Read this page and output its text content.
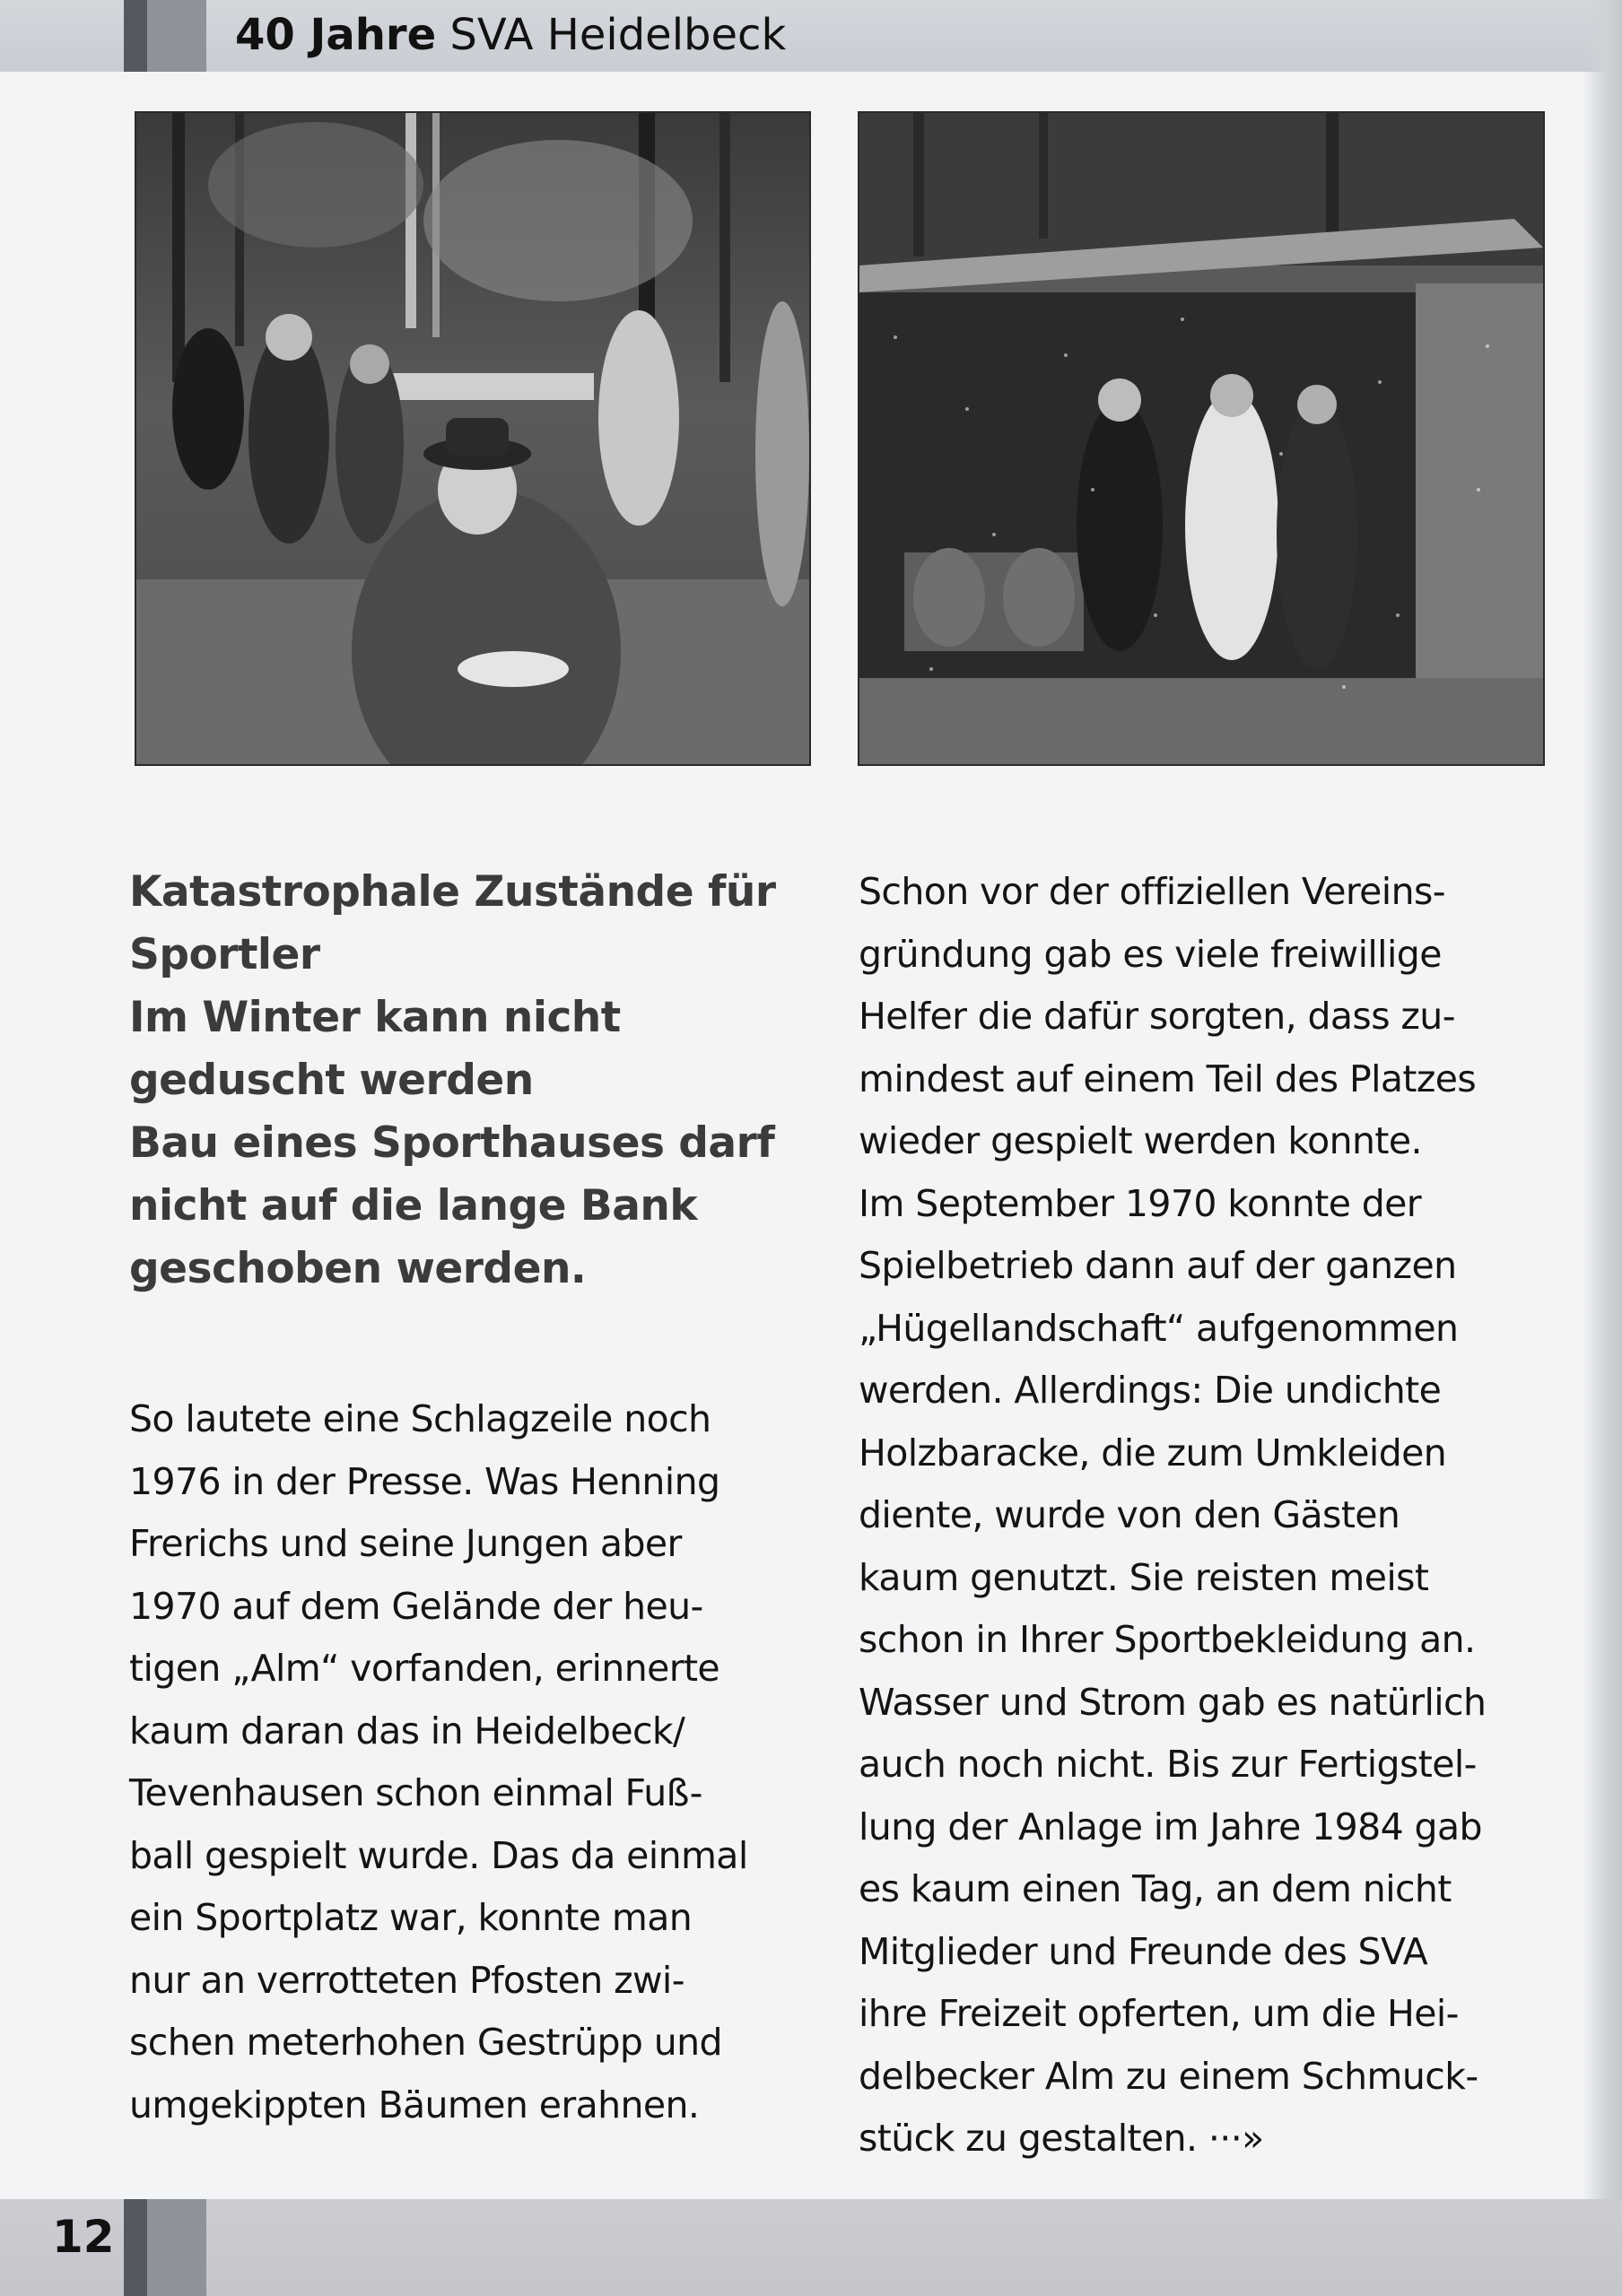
40 Jahre SVA Heidelbeck
Katastrophale Zustände für
Sportler
Im Winter kann nicht
geduscht werden
Bau eines Sporthauses darf
nicht auf die lange Bank
geschoben werden.

So lautete eine Schlagzeile noch
1976 in der Presse. Was Henning
Frerichs und seine Jungen aber
1970 auf dem Gelände der heu-
tigen „Alm“ vorfanden, erinnerte
kaum daran das in Heidelbeck/
Tevenhausen schon einmal Fuß-
ball gespielt wurde. Das da einmal
ein Sportplatz war, konnte man
nur an verrotteten Pfosten zwi-
schen meterhohen Gestrüpp und
umgekippten Bäumen erahnen.

Schon vor der offiziellen Vereins-
gründung gab es viele freiwillige
Helfer die dafür sorgten, dass zu-
mindest auf einem Teil des Platzes
wieder gespielt werden konnte.
Im September 1970 konnte der
Spielbetrieb dann auf der ganzen
„Hügellandschaft“ aufgenommen
werden. Allerdings: Die undichte
Holzbaracke, die zum Umkleiden
diente, wurde von den Gästen
kaum genutzt. Sie reisten meist
schon in Ihrer Sportbekleidung an.
Wasser und Strom gab es natürlich
auch noch nicht. Bis zur Fertigstel-
lung der Anlage im Jahre 1984 gab
es kaum einen Tag, an dem nicht
Mitglieder und Freunde des SVA
ihre Freizeit opferten, um die Hei-
delbecker Alm zu einem Schmuck-
stück zu gestalten. ···»

12
